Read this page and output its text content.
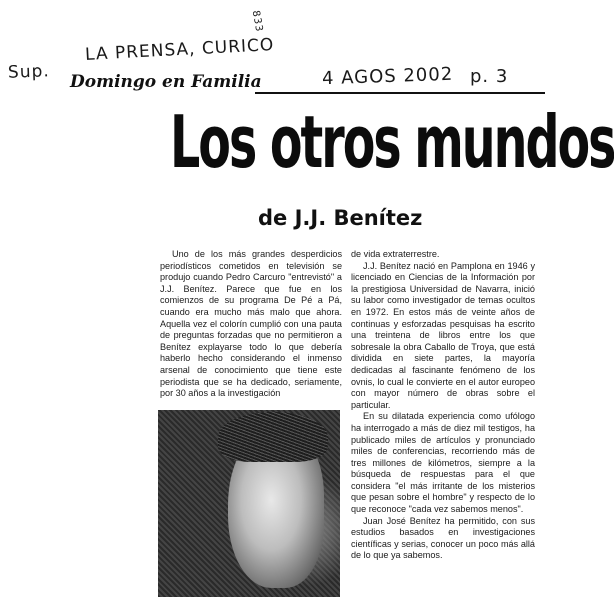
LA PRENSA, CURICO
833
Sup.	4 AGOS 2002 p. 3
Domingo en Familia
Los otros mundos
de J.J. Benítez

Uno de los más grandes desperdicios periodísticos cometidos en televisión se produjo cuando Pedro Carcuro "entrevistó" a J.J. Benítez. Parece que fue en los comienzos de su programa De Pé a Pá, cuando era mucho más malo que ahora. Aquella vez el colorín cumplió con una pauta de preguntas forzadas que no permitieron a Benítez explayarse todo lo que debería haberlo hecho considerando el inmenso arsenal de conocimiento que tiene este periodista que se ha dedicado, seriamente, por 30 años a la investigación

de vida extraterrestre.

J.J. Benítez nació en Pamplona en 1946 y licenciado en Ciencias de la Información por la prestigiosa Universidad de Navarra, inició su labor como investigador de temas ocultos en 1972. En estos más de veinte años de continuas y esforzadas pesquisas ha escrito una treintena de libros entre los que sobresale la obra Caballo de Troya, que está dividida en siete partes, la mayoría dedicadas al fascinante fenómeno de los ovnis, lo cual le convierte en el autor europeo con mayor número de obras sobre el particular.

En su dilatada experiencia como ufólogo ha interrogado a más de diez mil testigos, ha publicado miles de artículos y pronunciado miles de conferencias, recorriendo más de tres millones de kilómetros, siempre a la búsqueda de respuestas para el que considera "el más irritante de los misterios que pesan sobre el hombre" y respecto de lo que reconoce "cada vez sabemos menos".

Juan José Benítez ha permitido, con sus estudios basados en investigaciones científicas y serias, conocer un poco más allá de lo que ya sabemos.
